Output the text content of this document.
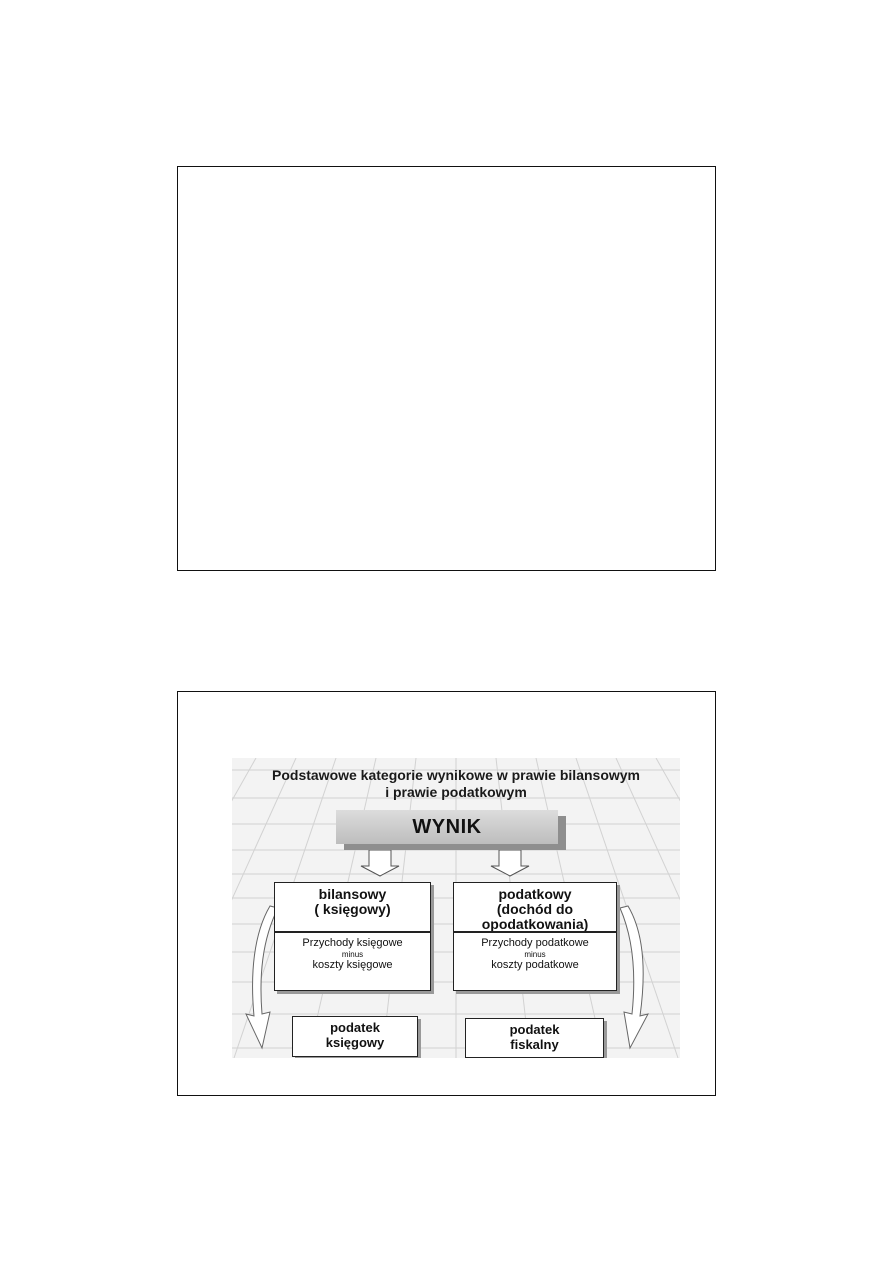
Podstawowe kategorie wynikowe w prawie bilansowym
i prawie podatkowym
WYNIK
bilansowy
( księgowy)
podatkowy
(dochód do
opodatkowania)
Przychody księgowe
minus
koszty księgowe
Przychody podatkowe
minus
koszty podatkowe
podatek
księgowy
podatek
fiskalny
